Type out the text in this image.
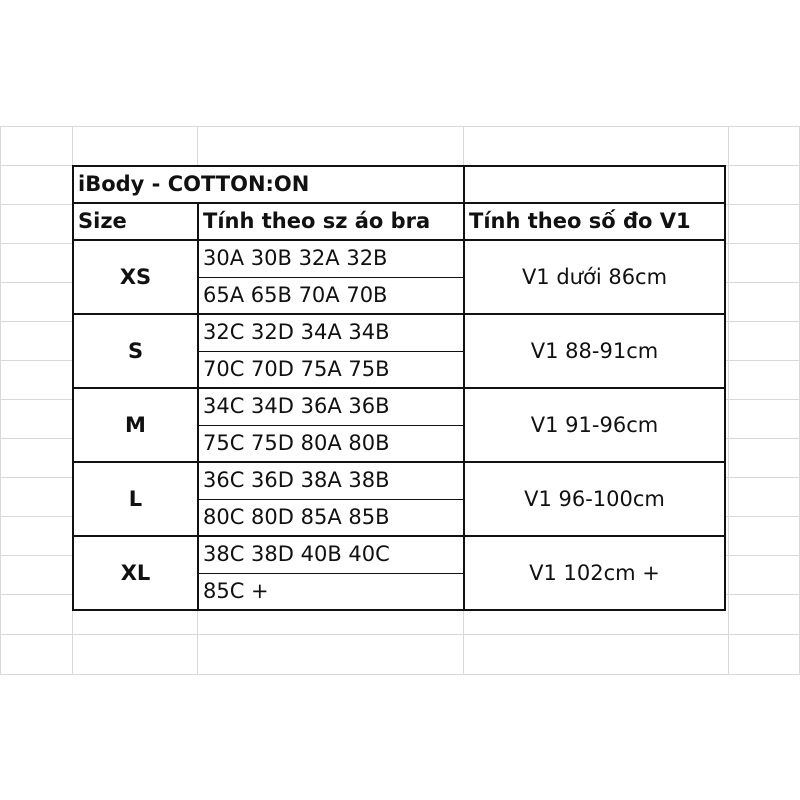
iBody - COTTON:ON		
Size	Tính theo sz áo bra	Tính theo số đo V1
XS	30A 30B 32A 32B	V1 dưới 86cm
	65A 65B 70A 70B	
S	32C 32D 34A 34B	V1 88-91cm
	70C 70D 75A 75B	
M	34C 34D 36A 36B	V1 91-96cm
	75C 75D 80A 80B	
L	36C 36D 38A 38B	V1 96-100cm
	80C 80D 85A 85B	
XL	38C 38D 40B 40C	V1 102cm +
	85C +	
